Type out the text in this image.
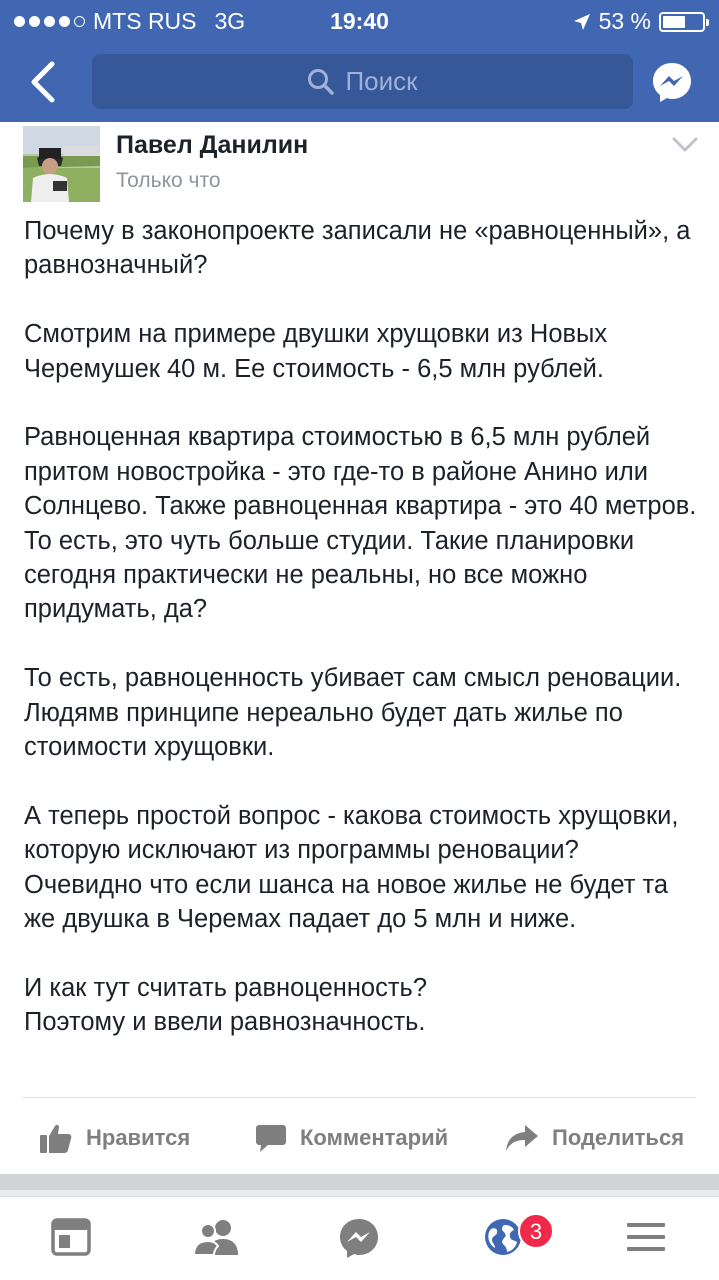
MTS RUS 3G	19:40	53 %
Поиск
Павел Данилин
Только что

Почему в законопроекте записали не «равноценный», а равнозначный?

Смотрим на примере двушки хрущовки из Новых Черемушек 40 м. Ее стоимость - 6,5 млн рублей.

Равноценная квартира стоимостью в 6,5 млн рублей притом новостройка - это где-то в районе Анино или Солнцево. Также равноценная квартира - это 40 метров. То есть, это чуть больше студии. Такие планировки сегодня практически не реальны, но все можно придумать, да?

То есть, равноценность убивает сам смысл реновации. Людямв принципе нереально будет дать жилье по стоимости хрущовки.

А теперь простой вопрос - какова стоимость хрущовки, которую исключают из программы реновации? Очевидно что если шанса на новое жилье не будет та же двушка в Черемах падает до 5 млн и ниже.

И как тут считать равноценность?
Поэтому и ввели равнозначность.

Нравится	Комментарий	Поделиться
3
